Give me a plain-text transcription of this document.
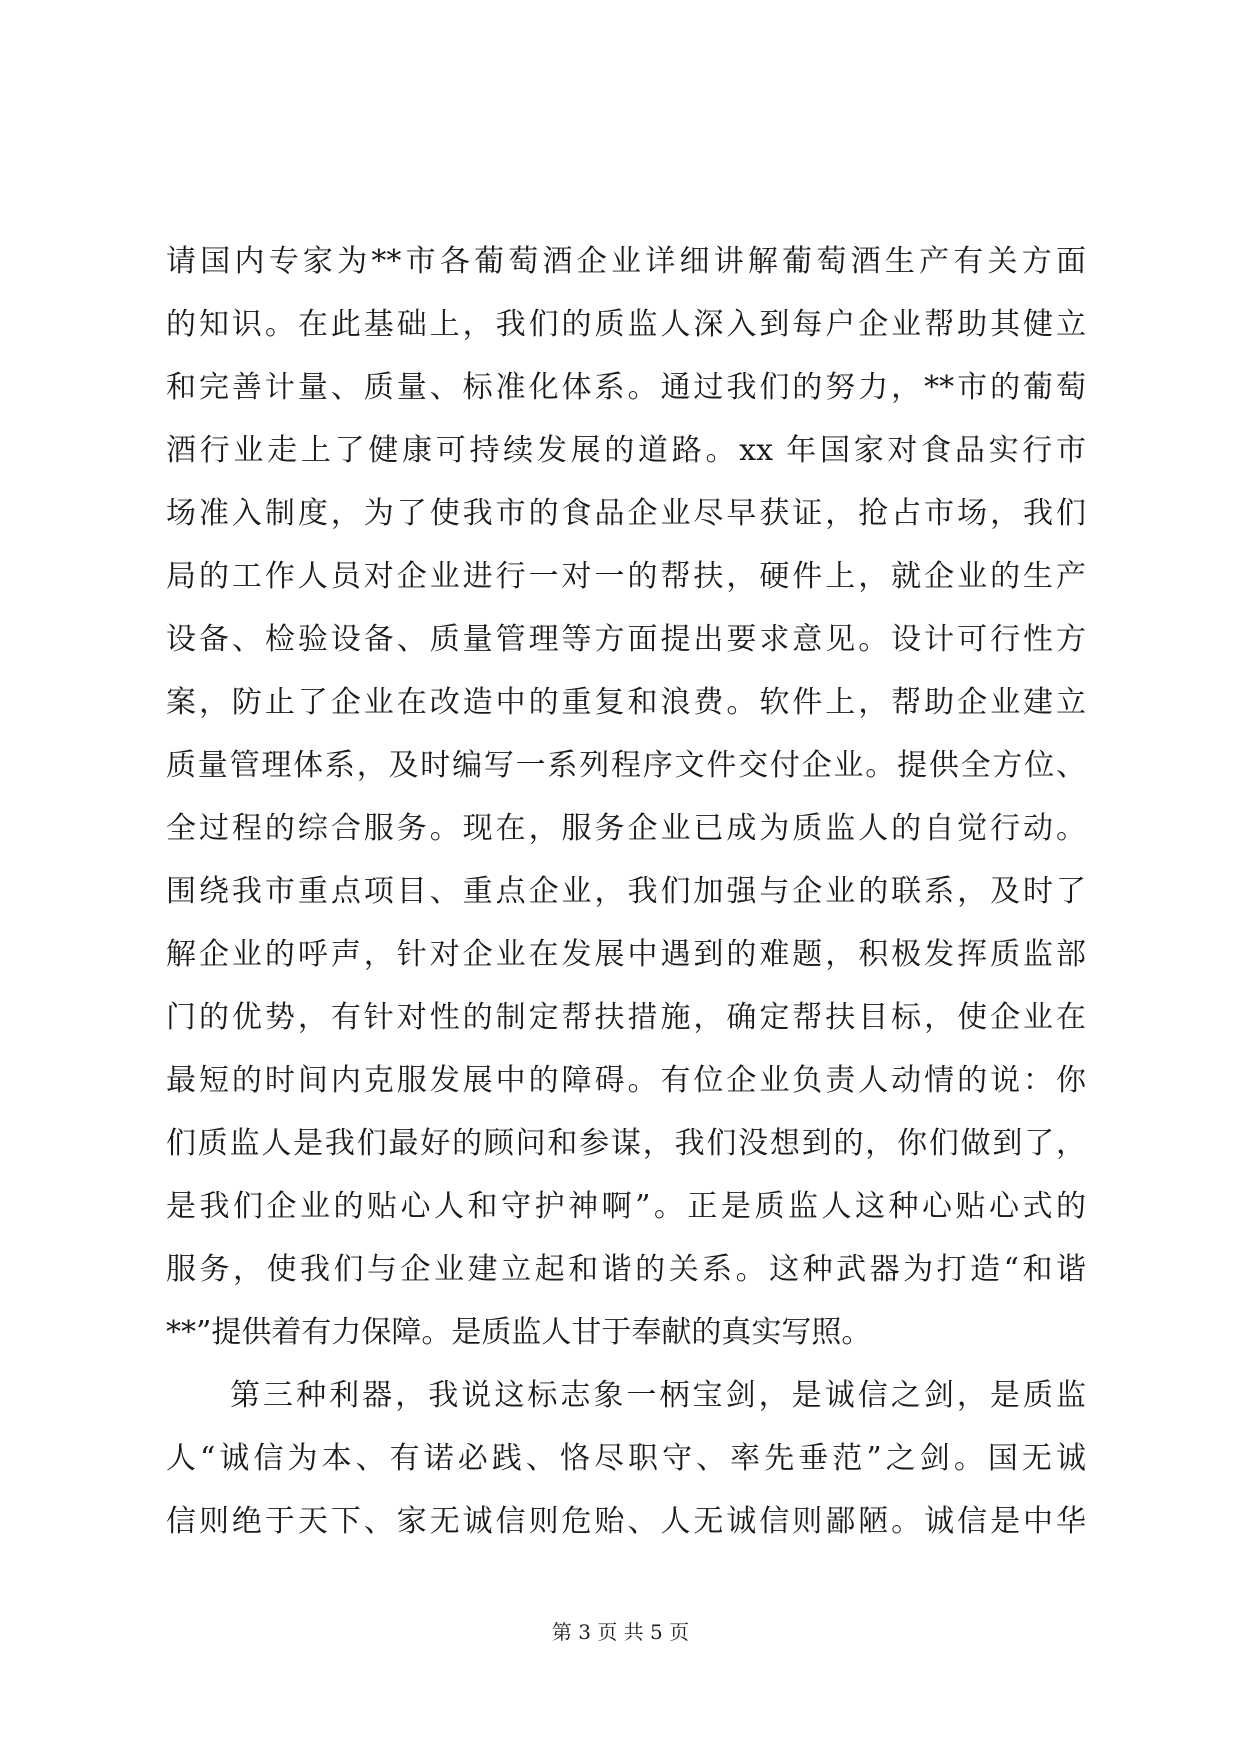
请国内专家为**市各葡萄酒企业详细讲解葡萄酒生产有关方面
的知识。在此基础上，我们的质监人深入到每户企业帮助其健立
和完善计量、质量、标准化体系。通过我们的努力，**市的葡萄
酒行业走上了健康可持续发展的道路。xx 年国家对食品实行市
场准入制度，为了使我市的食品企业尽早获证，抢占市场，我们
局的工作人员对企业进行一对一的帮扶，硬件上，就企业的生产
设备、检验设备、质量管理等方面提出要求意见。设计可行性方
案，防止了企业在改造中的重复和浪费。软件上，帮助企业建立
质量管理体系，及时编写一系列程序文件交付企业。提供全方位、
全过程的综合服务。现在，服务企业已成为质监人的自觉行动。
围绕我市重点项目、重点企业，我们加强与企业的联系，及时了
解企业的呼声，针对企业在发展中遇到的难题，积极发挥质监部
门的优势，有针对性的制定帮扶措施，确定帮扶目标，使企业在
最短的时间内克服发展中的障碍。有位企业负责人动情的说：你
们质监人是我们最好的顾问和参谋，我们没想到的，你们做到了，
是我们企业的贴心人和守护神啊”。正是质监人这种心贴心式的
服务，使我们与企业建立起和谐的关系。这种武器为打造“和谐
**”提供着有力保障。是质监人甘于奉献的真实写照。
第三种利器，我说这标志象一柄宝剑，是诚信之剑，是质监
人“诚信为本、有诺必践、恪尽职守、率先垂范”之剑。国无诚
信则绝于天下、家无诚信则危贻、人无诚信则鄙陋。诚信是中华
第 3 页 共 5 页
